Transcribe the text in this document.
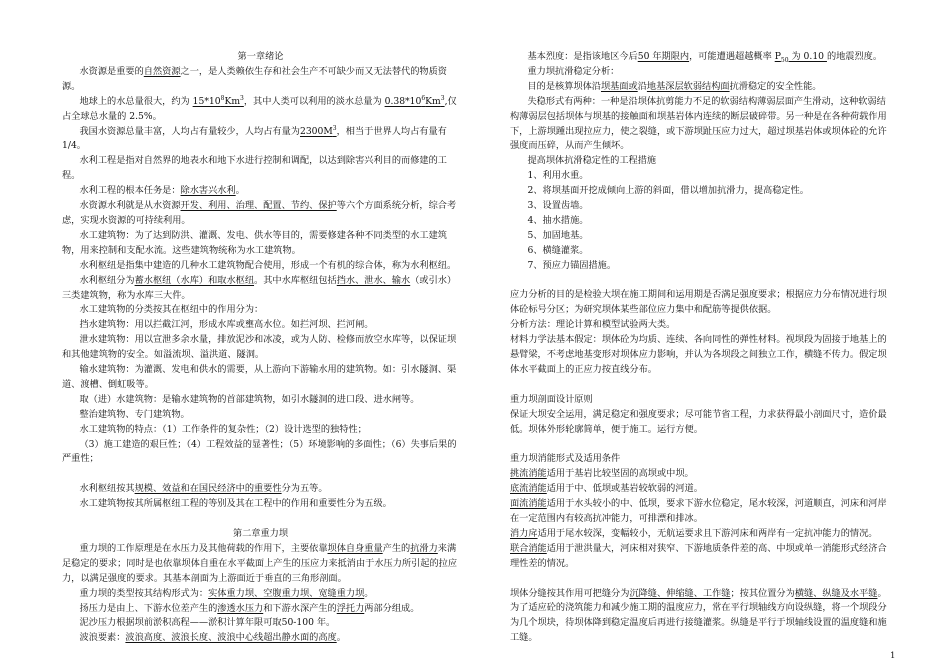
第一章绪论

水资源是重要的自然资源之一，是人类赖依生存和社会生产不可缺少而又无法替代的物质资源。

地球上的水总量很大，约为 $15*10^8Km^3$，其中人类可以利用的淡水总量为 $0.38*10^6Km^3$,仅占全球总水量的 2.5%。

我国水资源总量丰富，人均占有量较少，人均占有量为$2300M^3$，相当于世界人均占有量有1/4。

水利工程是指对自然界的地表水和地下水进行控制和调配，以达到除害兴利目的而修建的工程。

水利工程的根本任务是：除水害兴水利。

水资源水利就是从水资源开发、利用、治理、配置、节约、保护等六个方面系统分析，综合考虑，实现水资源的可持续利用。

水工建筑物：为了达到防洪、灌溉、发电、供水等目的，需要修建各种不同类型的水工建筑物，用来控制和支配水流。这些建筑物统称为水工建筑物。

水利枢纽是指集中建造的几种水工建筑物配合使用，形成一个有机的综合体，称为水利枢纽。

水利枢纽分为蓄水枢纽（水库）和取水枢纽。其中水库枢纽包括挡水、泄水、输水（或引水）三类建筑物，称为水库三大件。

水工建筑物的分类按其在枢纽中的作用分为：

挡水建筑物：用以拦截江河，形成水库或壅高水位。如拦河坝、拦河闸。

泄水建筑物：用以宣泄多余水量，排放泥沙和冰凌，或为人防、检修而放空水库等，以保证坝和其他建筑物的安全。如溢流坝、溢洪道、隧洞。

输水建筑物：为灌溉、发电和供水的需要，从上游向下游输水用的建筑物。如：引水隧洞、渠道、渡槽、倒虹吸等。

取（进）水建筑物：是输水建筑物的首部建筑物，如引水隧洞的进口段、进水闸等。

整治建筑物、专门建筑物。

水工建筑物的特点：（1）工作条件的复杂性；（2）设计选型的独特性；

（3）施工建造的艰巨性；（4）工程效益的显著性；（5）环境影响的多面性；（6）失事后果的严重性；

水利枢纽按其规模、效益和在国民经济中的重要性分为五等。

水工建筑物按其所属枢纽工程的等别及其在工程中的作用和重要性分为五级。

第二章重力坝

重力坝的工作原理是在水压力及其他荷载的作用下，主要依靠坝体自身重量产生的抗滑力来满足稳定的要求；同时是也依靠坝体自重在水平截面上产生的压应力来抵消由于水压力所引起的拉应力，以满足强度的要求。其基本剖面为上游面近于垂直的三角形剖面。

重力坝的类型按其结构形式为：实体重力坝、空腹重力坝、宽缝重力坝。

扬压力是由上、下游水位差产生的渗透水压力和下游水深产生的浮托力两部分组成。

泥沙压力根据坝前淤积高程——淤积计算年限可取50-100 年。

波浪要素：波浪高度、波浪长度、波浪中心线超出静水面的高度。

基本烈度：是指该地区今后50 年期限内，可能遭遇超越概率 $P_{50}$ 为 0.10 的地震烈度。

重力坝抗滑稳定分析：

目的是核算坝体沿坝基面或沿地基深层软弱结构面抗滑稳定的安全性能。

失稳形式有两种：一种是沿坝体抗剪能力不足的软弱结构薄弱层面产生滑动，这种软弱结构薄弱层包括坝体与坝基的接触面和坝基岩体内连续的断层破碎带。另一种是在各种荷载作用下，上游坝踵出现拉应力，使之裂缝，或下游坝趾压应力过大，超过坝基岩体或坝体砼的允许强度而压碎，从而产生倾坏。

提高坝体抗滑稳定性的工程措施

1、利用水重。

2、将坝基面开挖成倾向上游的斜面，借以增加抗滑力，提高稳定性。

3、设置齿墙。

4、抽水措施。

5、加固地基。

6、横缝灌浆。

7、预应力锚固措施。

应力分析的目的是检验大坝在施工期间和运用期是否满足强度要求；根据应力分布情况进行坝体砼标号分区；为研究坝体某些部位应力集中和配筋等提供依据。

分析方法：理论计算和模型试验两大类。

材料力学法基本假定：坝体砼为均质、连续、各向同性的弹性材料。视坝段为固接于地基上的悬臂梁，不考虑地基变形对坝体应力影响，并认为各坝段之间独立工作，横缝不传力。假定坝体水平截面上的正应力按直线分布。

重力坝剖面设计原则

保证大坝安全运用，满足稳定和强度要求；尽可能节省工程，力求获得最小剖面尺寸，造价最低。坝体外形轮廓简单，便于施工。运行方便。

重力坝消能形式及适用条件

挑流消能适用于基岩比较坚固的高坝或中坝。

底流消能适用于中、低坝或基岩较软弱的河道。

面流消能适用于水头较小的中、低坝，要求下游水位稳定，尾水较深，河道顺直，河床和河岸在一定范围内有较高抗冲能力，可排漂和排冰。

消力戽适用于尾水较深，变幅较小，无航运要求且下游河床和两岸有一定抗冲能力的情况。

联合消能适用于泄洪量大，河床相对狭窄、下游地质条件差的高、中坝或单一消能形式经济合理性差的情况。

坝体分缝按其作用可把缝分为沉降缝、伸缩缝、工作缝；按其位置分为横缝、纵缝及水平缝。

为了适应砼的浇筑能力和减少施工期的温度应力，常在平行坝轴线方向设纵缝，将一个坝段分为几个坝块，待坝体降到稳定温度后再进行接缝灌浆。纵缝是平行于坝轴线设置的温度缝和施工缝。

1
